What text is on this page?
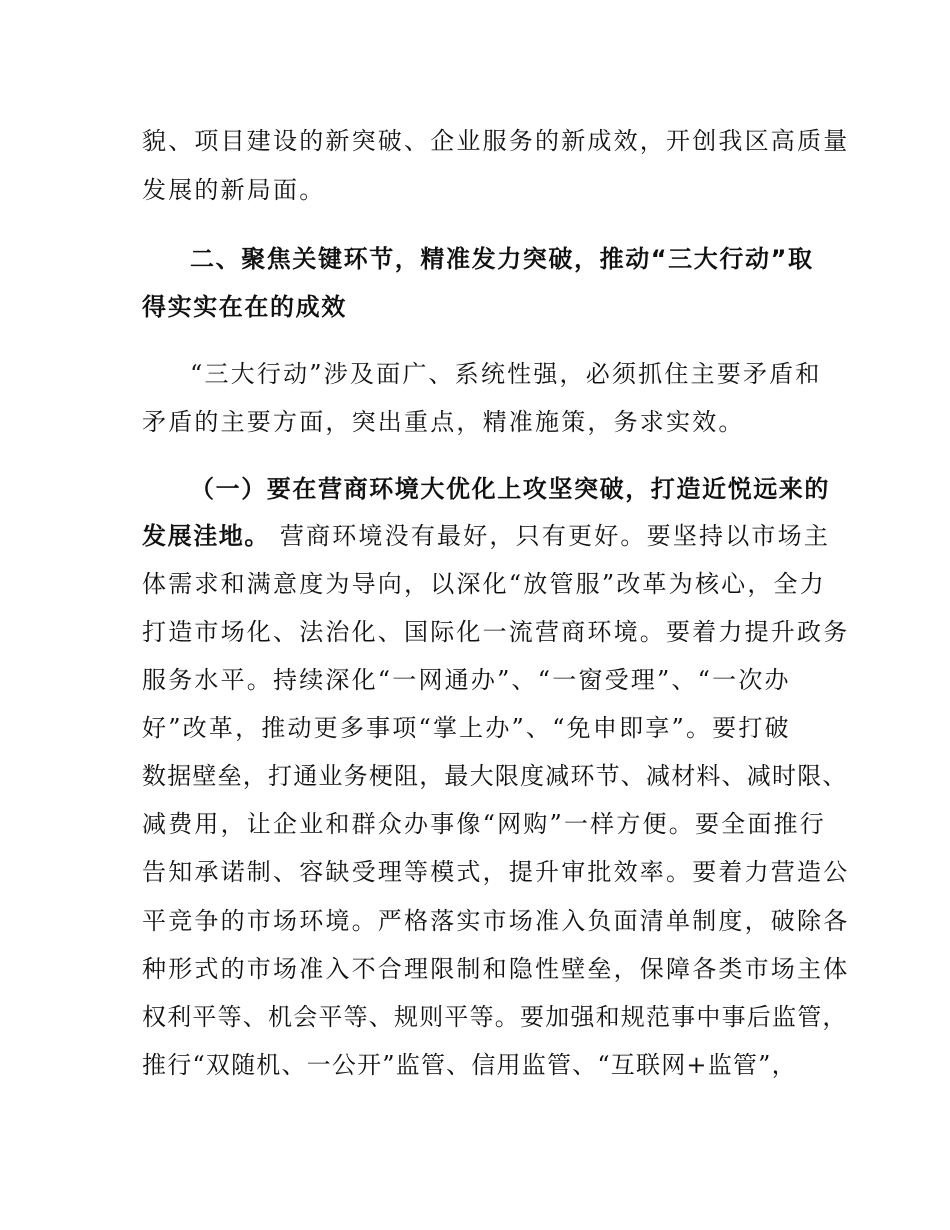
貌、项目建设的新突破、企业服务的新成效，开创我区高质量
发展的新局面。
二、聚焦关键环节，精准发力突破，推动“三大行动”取
得实实在在的成效
“三大行动”涉及面广、系统性强，必须抓住主要矛盾和
矛盾的主要方面，突出重点，精准施策，务求实效。
（一）要在营商环境大优化上攻坚突破，打造近悦远来的
发展洼地。 营商环境没有最好，只有更好。要坚持以市场主
体需求和满意度为导向，以深化“放管服”改革为核心，全力
打造市场化、法治化、国际化一流营商环境。要着力提升政务
服务水平。持续深化“一网通办”、“一窗受理”、“一次办
好”改革，推动更多事项“掌上办”、“免申即享”。要打破
数据壁垒，打通业务梗阻，最大限度减环节、减材料、减时限、
减费用，让企业和群众办事像“网购”一样方便。要全面推行
告知承诺制、容缺受理等模式，提升审批效率。要着力营造公
平竞争的市场环境。严格落实市场准入负面清单制度，破除各
种形式的市场准入不合理限制和隐性壁垒，保障各类市场主体
权利平等、机会平等、规则平等。要加强和规范事中事后监管，
推行“双随机、一公开”监管、信用监管、“互联网+监管”，
